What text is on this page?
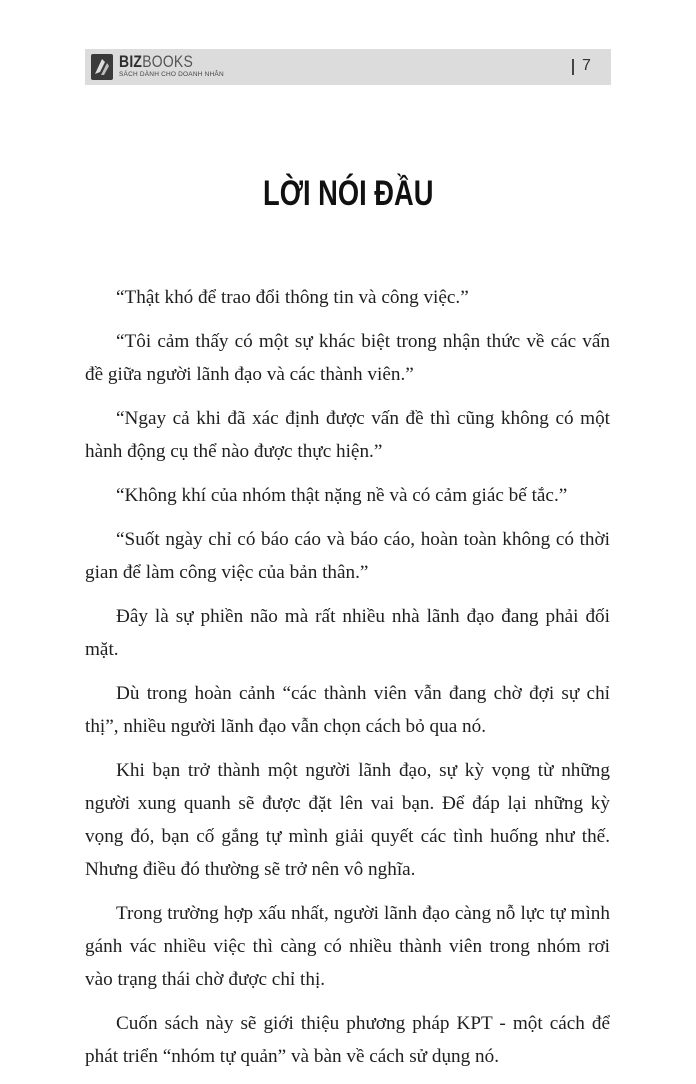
BIZBOOKS
SÁCH DÀNH CHO DOANH NHÂN
7
LỜI NÓI ĐẦU

“Thật khó để trao đổi thông tin và công việc.”

“Tôi cảm thấy có một sự khác biệt trong nhận thức về các vấn đề giữa người lãnh đạo và các thành viên.”

“Ngay cả khi đã xác định được vấn đề thì cũng không có một hành động cụ thể nào được thực hiện.”

“Không khí của nhóm thật nặng nề và có cảm giác bế tắc.”

“Suốt ngày chỉ có báo cáo và báo cáo, hoàn toàn không có thời gian để làm công việc của bản thân.”

Đây là sự phiền não mà rất nhiều nhà lãnh đạo đang phải đối mặt.

Dù trong hoàn cảnh “các thành viên vẫn đang chờ đợi sự chỉ thị”, nhiều người lãnh đạo vẫn chọn cách bỏ qua nó.

Khi bạn trở thành một người lãnh đạo, sự kỳ vọng từ những người xung quanh sẽ được đặt lên vai bạn. Để đáp lại những kỳ vọng đó, bạn cố gắng tự mình giải quyết các tình huống như thế. Nhưng điều đó thường sẽ trở nên vô nghĩa.

Trong trường hợp xấu nhất, người lãnh đạo càng nỗ lực tự mình gánh vác nhiều việc thì càng có nhiều thành viên trong nhóm rơi vào trạng thái chờ được chỉ thị.

Cuốn sách này sẽ giới thiệu phương pháp KPT - một cách để phát triển “nhóm tự quản” và bàn về cách sử dụng nó.
